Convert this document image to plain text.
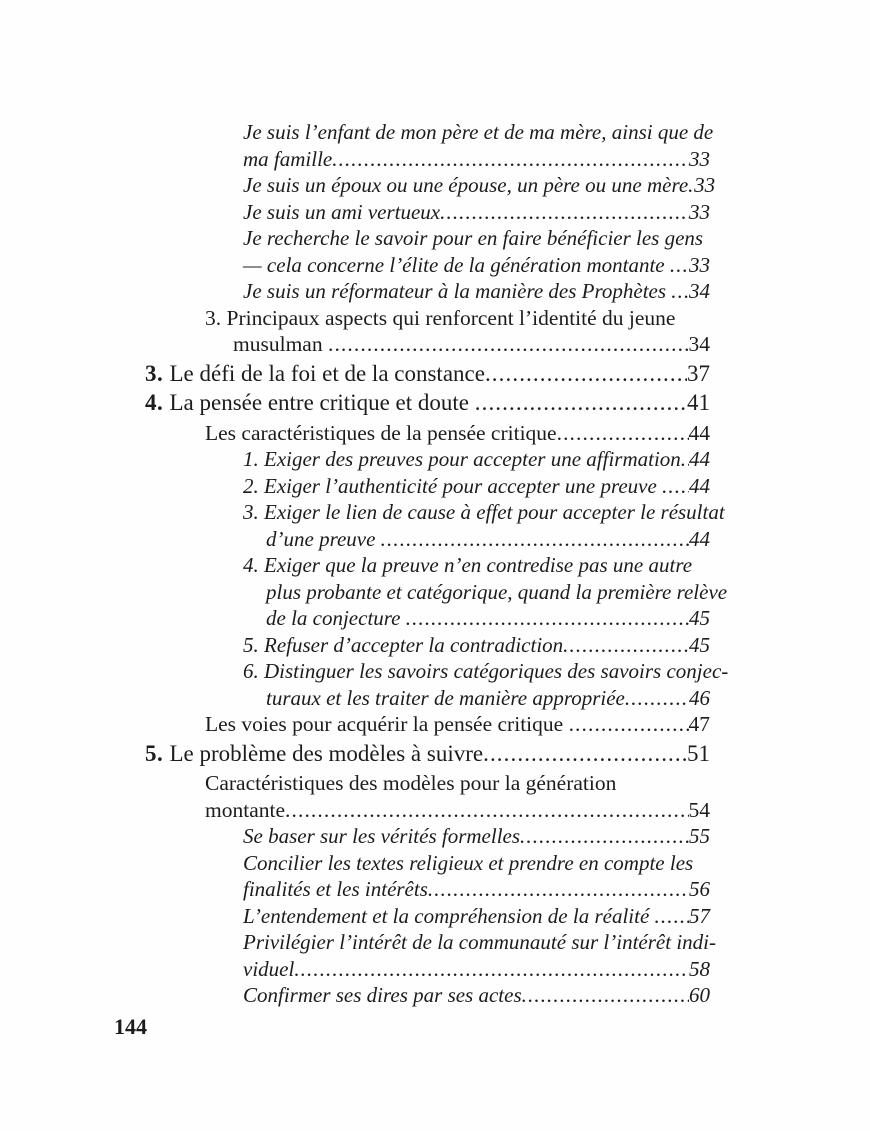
Je suis l’enfant de mon père et de ma mère, ainsi que de
ma famille .....	33
Je suis un époux ou une épouse, un père ou une mère ..... 33
Je suis un ami vertueux .....	33
Je recherche le savoir pour en faire bénéficier les gens
— cela concerne l’élite de la génération montante ..... 33
Je suis un réformateur à la manière des Prophètes ..... 34
3. Principaux aspects qui renforcent l’identité du jeune
musulman .....	34
3. Le défi de la foi et de la constance .....	37
4. La pensée entre critique et doute .....	41
Les caractéristiques de la pensée critique .....	44
1. Exiger des preuves pour accepter une affirmation ..... 44
2. Exiger l’authenticité pour accepter une preuve ..... 44
3. Exiger le lien de cause à effet pour accepter le résultat
d’une preuve .....	44
4. Exiger que la preuve n’en contredise pas une autre
plus probante et catégorique, quand la première relève
de la conjecture .....	45
5. Refuser d’accepter la contradiction .....	45
6. Distinguer les savoirs catégoriques des savoirs conjec-
turaux et les traiter de manière appropriée .....	46
Les voies pour acquérir la pensée critique .....	47
5. Le problème des modèles à suivre .....	51
Caractéristiques des modèles pour la génération
montante .....	54
Se baser sur les vérités formelles .....	55
Concilier les textes religieux et prendre en compte les
finalités et les intérêts .....	56
L’entendement et la compréhension de la réalité ..... 57
Privilégier l’intérêt de la communauté sur l’intérêt indi-
viduel .....	58
Confirmer ses dires par ses actes .....	60
144
